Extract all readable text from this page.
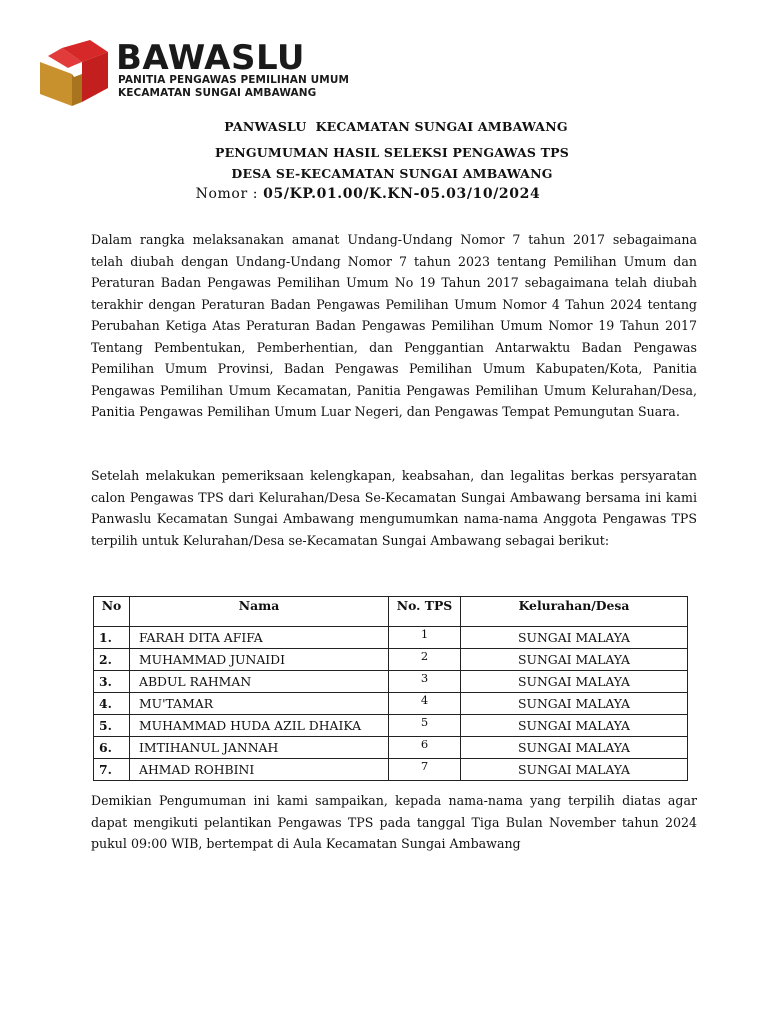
BAWASLU
PANITIA PENGAWAS PEMILIHAN UMUM
KECAMATAN SUNGAI AMBAWANG
PANWASLU  KECAMATAN SUNGAI AMBAWANG
PENGUMUMAN HASIL SELEKSI PENGAWAS TPS
DESA SE-KECAMATAN SUNGAI AMBAWANG
Nomor : 05/KP.01.00/K.KN-05.03/10/2024
Dalam rangka melaksanakan amanat Undang-Undang Nomor 7 tahun 2017 sebagaimana telah diubah dengan Undang-Undang Nomor 7 tahun 2023 tentang Pemilihan Umum dan Peraturan Badan Pengawas Pemilihan Umum No 19 Tahun 2017 sebagaimana telah diubah terakhir dengan Peraturan Badan Pengawas Pemilihan Umum Nomor 4 Tahun 2024 tentang Perubahan Ketiga Atas Peraturan Badan Pengawas Pemilihan Umum Nomor 19 Tahun 2017 Tentang Pembentukan, Pemberhentian, dan Penggantian Antarwaktu Badan Pengawas Pemilihan Umum Provinsi, Badan Pengawas Pemilihan Umum Kabupaten/Kota, Panitia Pengawas Pemilihan Umum Kecamatan, Panitia Pengawas Pemilihan Umum Kelurahan/Desa, Panitia Pengawas Pemilihan Umum Luar Negeri, dan Pengawas Tempat Pemungutan Suara.
Setelah melakukan pemeriksaan kelengkapan, keabsahan, dan legalitas berkas persyaratan calon Pengawas TPS dari Kelurahan/Desa Se-Kecamatan Sungai Ambawang bersama ini kami Panwaslu Kecamatan Sungai Ambawang mengumumkan nama-nama Anggota Pengawas TPS terpilih untuk Kelurahan/Desa se-Kecamatan Sungai Ambawang sebagai berikut:
No	Nama	No. TPS	Kelurahan/Desa
1.	FARAH DITA AFIFA	1	SUNGAI MALAYA
2.	MUHAMMAD JUNAIDI	2	SUNGAI MALAYA
3.	ABDUL RAHMAN	3	SUNGAI MALAYA
4.	MU'TAMAR	4	SUNGAI MALAYA
5.	MUHAMMAD HUDA AZIL DHAIKA	5	SUNGAI MALAYA
6.	IMTIHANUL JANNAH	6	SUNGAI MALAYA
7.	AHMAD ROHBINI	7	SUNGAI MALAYA
Demikian Pengumuman ini kami sampaikan, kepada nama-nama yang terpilih diatas agar dapat mengikuti pelantikan Pengawas TPS pada tanggal Tiga Bulan November tahun 2024  pukul 09:00 WIB, bertempat di Aula Kecamatan Sungai Ambawang
